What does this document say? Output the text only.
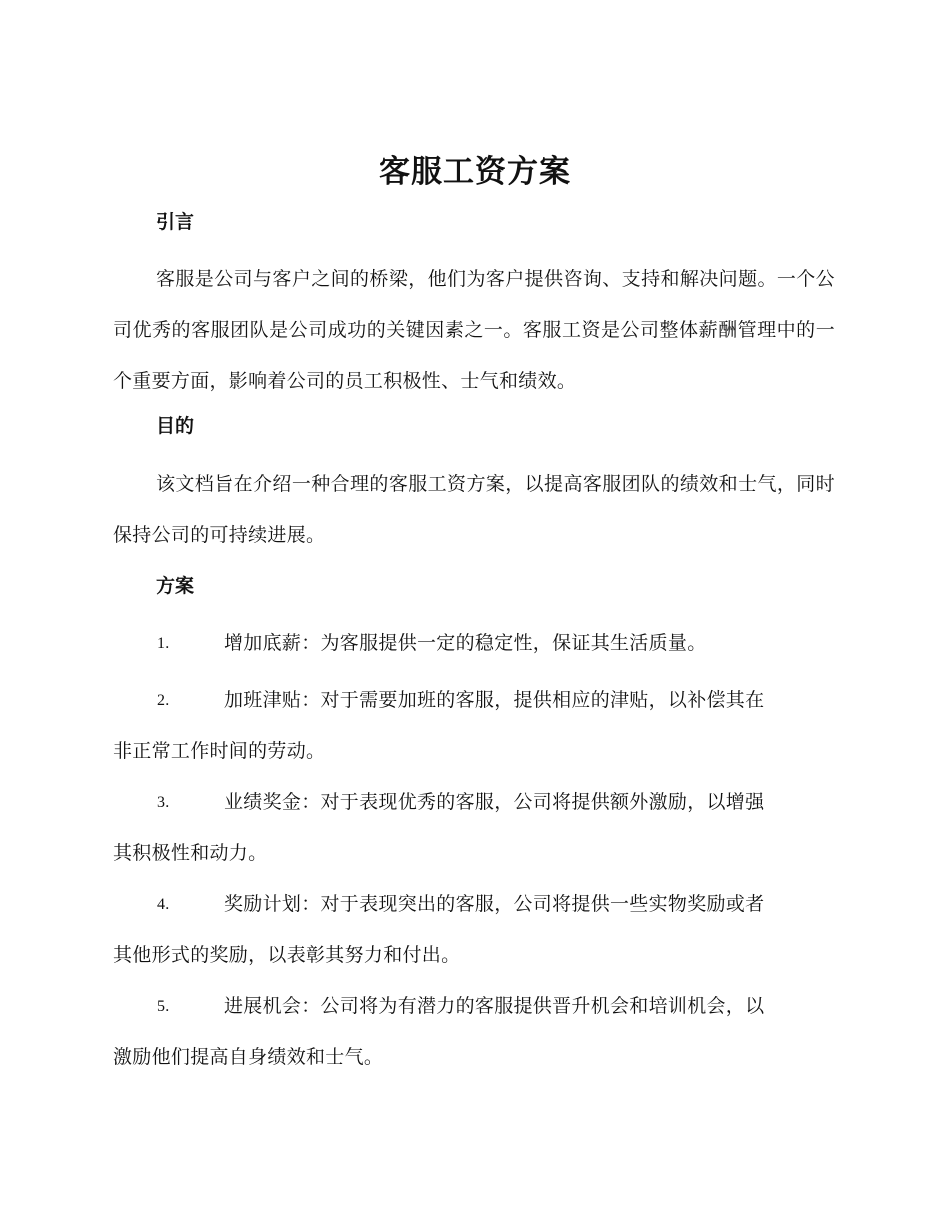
客服工资方案
引言
客服是公司与客户之间的桥梁，他们为客户提供咨询、支持和解决问题。一个公司优秀的客服团队是公司成功的关键因素之一。客服工资是公司整体薪酬管理中的一个重要方面，影响着公司的员工积极性、士气和绩效。
目的
该文档旨在介绍一种合理的客服工资方案，以提高客服团队的绩效和士气，同时保持公司的可持续进展。
方案
1.	增加底薪：为客服提供一定的稳定性，保证其生活质量。
2.	加班津贴：对于需要加班的客服，提供相应的津贴，以补偿其在
非正常工作时间的劳动。
3.	业绩奖金：对于表现优秀的客服，公司将提供额外激励，以增强
其积极性和动力。
4.	奖励计划：对于表现突出的客服，公司将提供一些实物奖励或者
其他形式的奖励，以表彰其努力和付出。
5.	进展机会：公司将为有潜力的客服提供晋升机会和培训机会，以
激励他们提高自身绩效和士气。
